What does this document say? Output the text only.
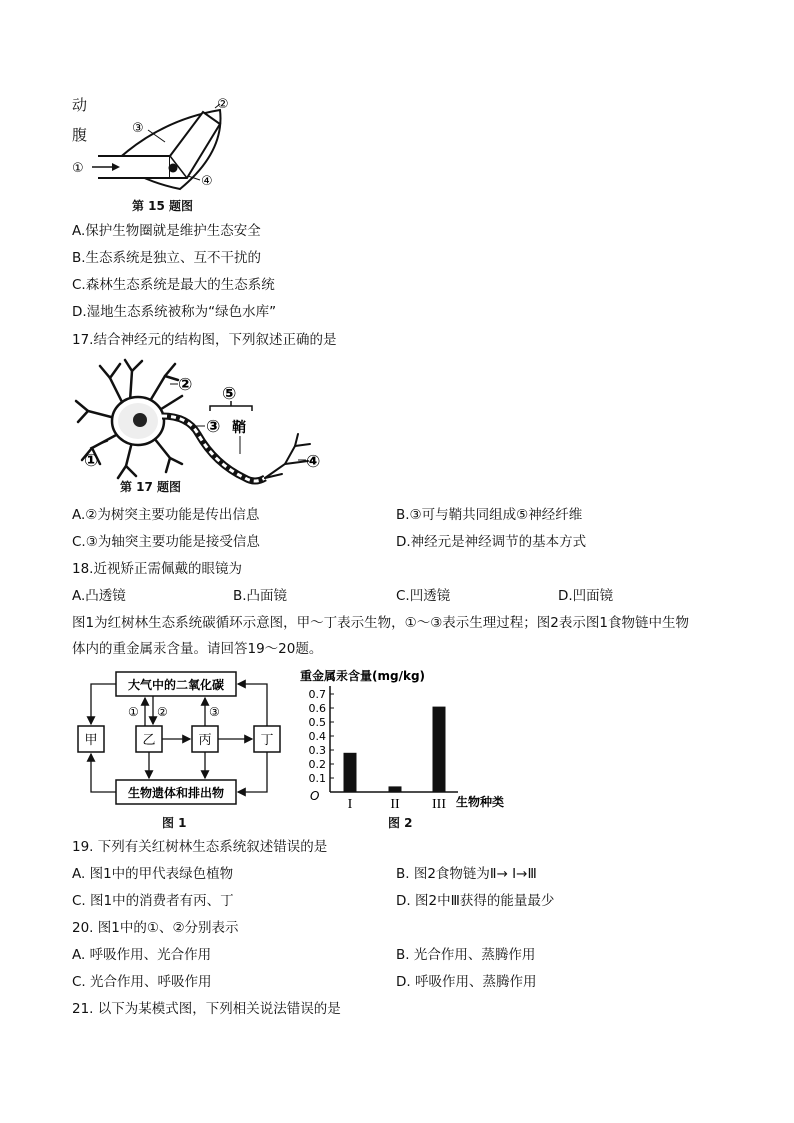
动
腹
①
②
③
④
第 15 题图
A.保护生物圈就是维护生态安全
B.生态系统是独立、互不干扰的
C.森林生态系统是最大的生态系统
D.湿地生态系统被称为“绿色水库”
17.结合神经元的结构图，下列叙述正确的是
①
②
③
④
⑤
鞘
第 17 题图
A.②为树突主要功能是传出信息	B.③可与鞘共同组成⑤神经纤维
C.③为轴突主要功能是接受信息	D.神经元是神经调节的基本方式
18.近视矫正需佩戴的眼镜为
A.凸透镜	B.凸面镜	C.凹透镜	D.凹面镜
图1为红树林生态系统碳循环示意图，甲～丁表示生物，①～③表示生理过程；图2表示图1食物链中生物
体内的重金属汞含量。请回答19～20题。
大气中的二氧化碳
生物遗体和排出物
甲	乙	丙	丁
① ②	③
图 1
重金属汞含量(mg/kg)
O	生物种类
0.7
0.6
0.5
0.4
0.3
0.2
0.1
I	II III
图 2
19. 下列有关红树林生态系统叙述错误的是
A. 图1中的甲代表绿色植物	B. 图2食物链为Ⅱ→ Ⅰ→Ⅲ
C. 图1中的消费者有丙、丁	D. 图2中Ⅲ获得的能量最少
20. 图1中的①、②分别表示
A. 呼吸作用、光合作用	B. 光合作用、蒸腾作用
C. 光合作用、呼吸作用	D. 呼吸作用、蒸腾作用
21. 以下为某模式图，下列相关说法错误的是
